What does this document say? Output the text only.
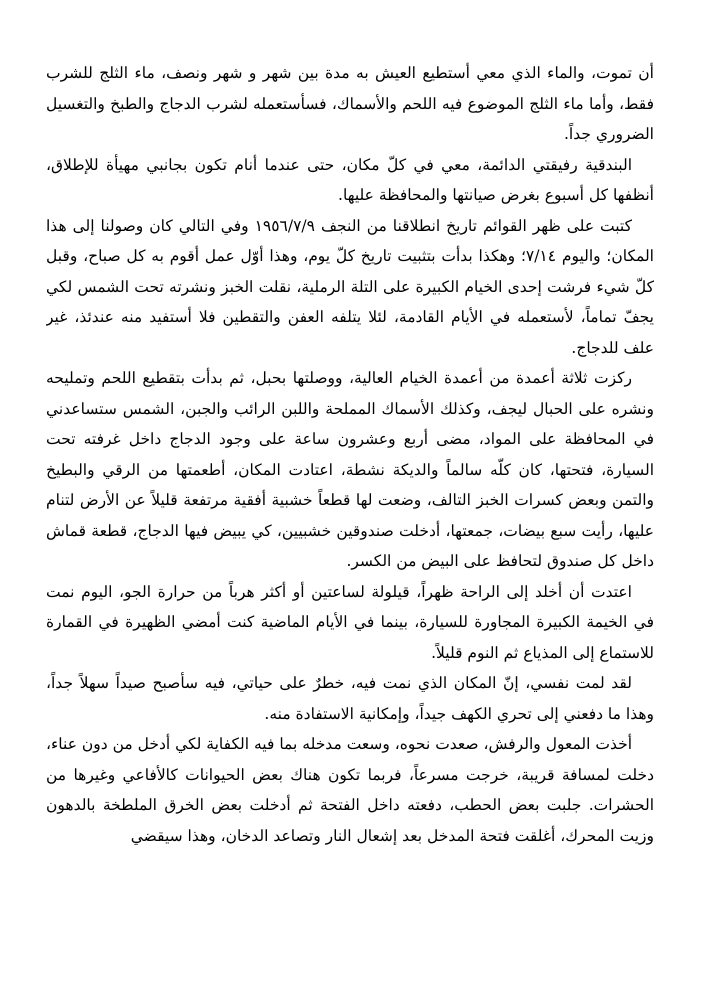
أن تموت، والماء الذي معي أستطيع العيش به مدة بين شهر و شهر ونصف، ماء الثلج للشرب فقط، وأما ماء الثلج الموضوع فيه اللحم والأسماك، فسأستعمله لشرب الدجاج والطبخ والتغسيل الضروري جداً.

البندقية رفيقتي الدائمة، معي في كلّ مكان، حتى عندما أنام تكون بجانبي مهيأة للإطلاق، أنظفها كل أسبوع بغرض صيانتها والمحافظة عليها.

كتبت على ظهر القوائم تاريخ انطلاقنا من النجف ١٩٥٦/٧/٩ وفي التالي كان وصولنا إلى هذا المكان؛ واليوم ٧/١٤؛ وهكذا بدأت بتثبيت تاريخ كلّ يوم، وهذا أوّل عمل أقوم به كل صباح، وقبل كلّ شيء فرشت إحدى الخيام الكبيرة على التلة الرملية، نقلت الخبز ونشرته تحت الشمس لكي يجفّ تماماً، لأستعمله في الأيام القادمة، لئلا يتلفه العفن والتقطين فلا أستفيد منه عندئذ، غير علف للدجاج.

ركزت ثلاثة أعمدة من أعمدة الخيام العالية، ووصلتها بحبل، ثم بدأت بتقطيع اللحم وتمليحه ونشره على الحبال ليجف، وكذلك الأسماك المملحة واللبن الرائب والجبن، الشمس ستساعدني في المحافظة على المواد، مضى أربع وعشرون ساعة على وجود الدجاج داخل غرفته تحت السيارة، فتحتها، كان كلّه سالماً والديكة نشطة، اعتادت المكان، أطعمتها من الرقي والبطيخ والتمن وبعض كسرات الخبز التالف، وضعت لها قطعاً خشبية أفقية مرتفعة قليلاً عن الأرض لتنام عليها، رأيت سبع بيضات، جمعتها، أدخلت صندوقين خشبيين، كي يبيض فيها الدجاج، قطعة قماش داخل كل صندوق لتحافظ على البيض من الكسر.

اعتدت أن أخلد إلى الراحة ظهراً، قيلولة لساعتين أو أكثر هرباً من حرارة الجو، اليوم نمت في الخيمة الكبيرة المجاورة للسيارة، بينما في الأيام الماضية كنت أمضي الظهيرة في القمارة للاستماع إلى المذياع ثم النوم قليلاً.

لقد لمت نفسي، إنّ المكان الذي نمت فيه، خطرٌ على حياتي، فيه سأصبح صيداً سهلاً جداً، وهذا ما دفعني إلى تحري الكهف جيداً، وإمكانية الاستفادة منه.

أخذت المعول والرفش، صعدت نحوه، وسعت مدخله بما فيه الكفاية لكي أدخل من دون عناء، دخلت لمسافة قريبة، خرجت مسرعاً، فربما تكون هناك بعض الحيوانات كالأفاعي وغيرها من الحشرات. جلبت بعض الحطب، دفعته داخل الفتحة ثم أدخلت بعض الخرق الملطخة بالدهون وزيت المحرك، أغلقت فتحة المدخل بعد إشعال النار وتصاعد الدخان، وهذا سيقضي
